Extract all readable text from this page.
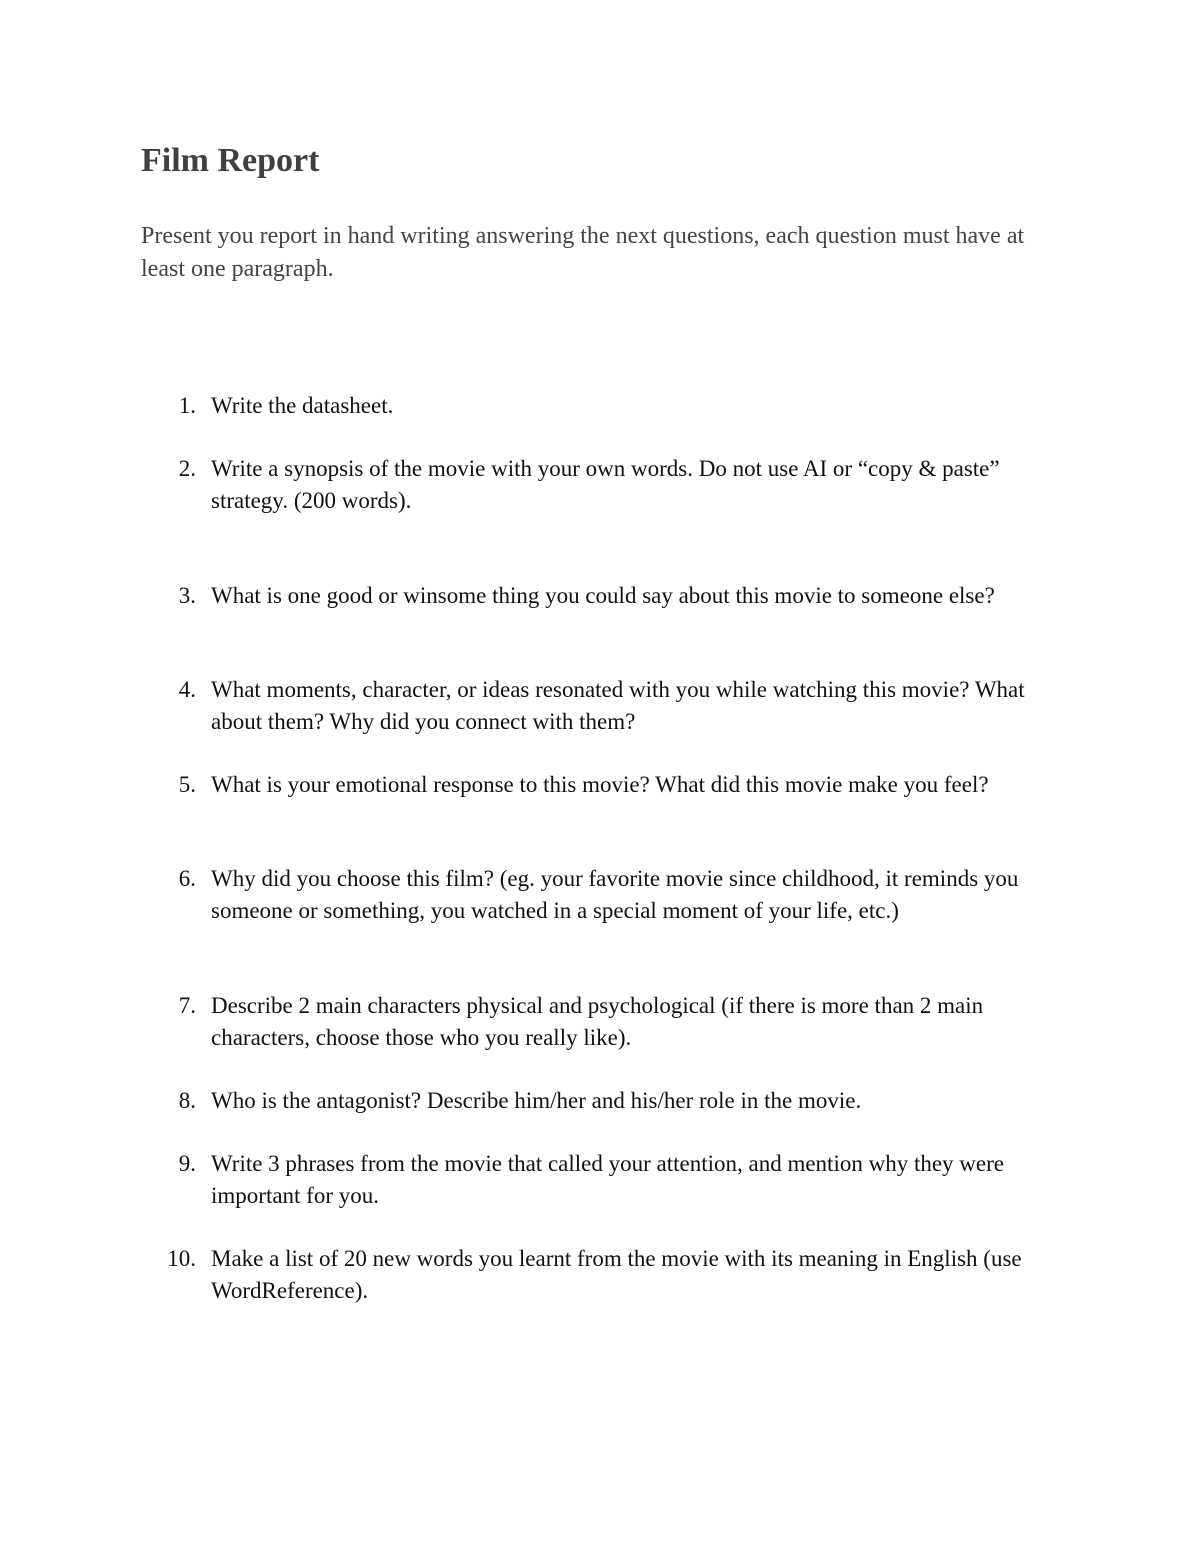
Film Report

Present you report in hand writing answering the next questions, each question must have at least one paragraph.

1. Write the datasheet.
2. Write a synopsis of the movie with your own words. Do not use AI or “copy & paste” strategy. (200 words).
3. What is one good or winsome thing you could say about this movie to someone else?
4. What moments, character, or ideas resonated with you while watching this movie? What about them? Why did you connect with them?
5. What is your emotional response to this movie? What did this movie make you feel?
6. Why did you choose this film? (eg. your favorite movie since childhood, it reminds you someone or something, you watched in a special moment of your life, etc.)
7. Describe 2 main characters physical and psychological (if there is more than 2 main characters, choose those who you really like).
8. Who is the antagonist? Describe him/her and his/her role in the movie.
9. Write 3 phrases from the movie that called your attention, and mention why they were important for you.
10. Make a list of 20 new words you learnt from the movie with its meaning in English (use WordReference).
